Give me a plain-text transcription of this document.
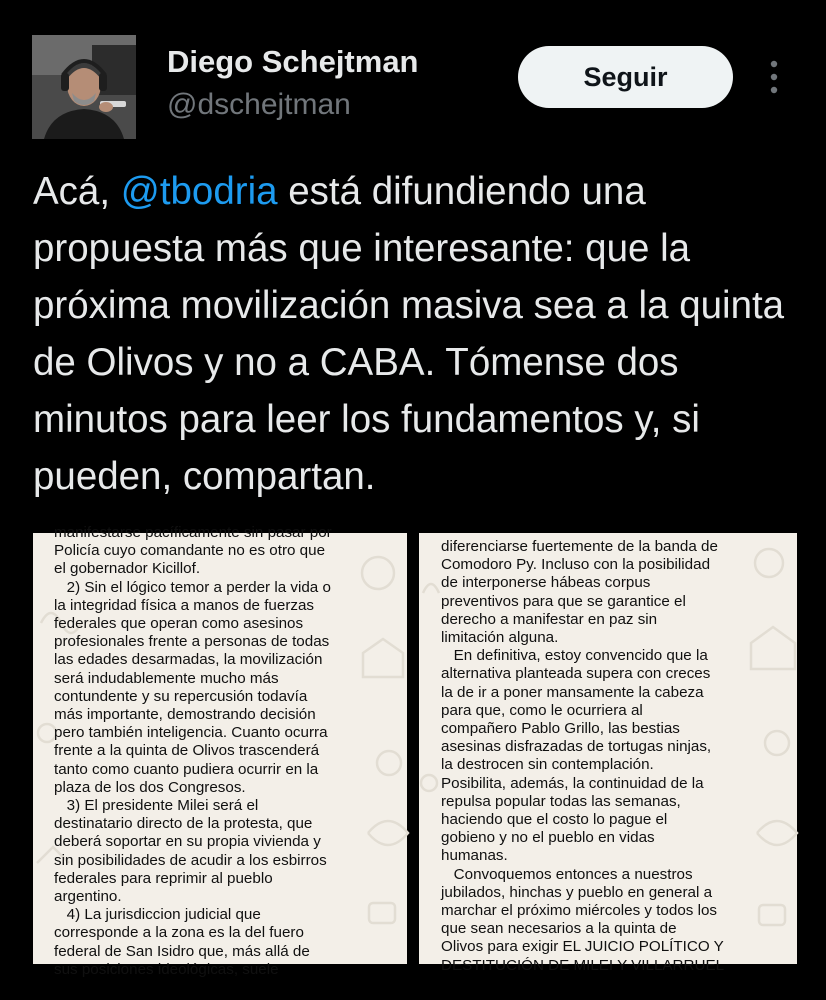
Diego Schejtman
@dschejtman
Seguir

Acá, @tbodria está difundiendo una propuesta más que interesante: que la próxima movilización masiva sea a la quinta de Olivos y no a CABA. Tómense dos minutos para leer los fundamentos y, si pueden, compartan.

manifestarse pacíficamente sin pasar por
Policía cuyo comandante no es otro que
el gobernador Kicillof.
2) Sin el lógico temor a perder la vida o
la integridad física a manos de fuerzas
federales que operan como asesinos
profesionales frente a personas de todas
las edades desarmadas, la movilización
será indudablemente mucho más
contundente y su repercusión todavía
más importante, demostrando decisión
pero también inteligencia. Cuanto ocurra
frente a la quinta de Olivos trascenderá
tanto como cuanto pudiera ocurrir en la
plaza de los dos Congresos.
3) El presidente Milei será el
destinatario directo de la protesta, que
deberá soportar en su propia vivienda y
sin posibilidades de acudir a los esbirros
federales para reprimir al pueblo
argentino.
4) La jurisdiccion judicial que
corresponde a la zona es la del fuero
federal de San Isidro que, más allá de
sus posiciones ideológicas, suele
diferenciarse fuertemente de la banda de
Comodoro Py. Incluso con la posibilidad
de interponerse hábeas corpus
preventivos para que se garantice el
derecho a manifestar en paz sin
limitación alguna.
En definitiva, estoy convencido que la
alternativa planteada supera con creces
la de ir a poner mansamente la cabeza
para que, como le ocurriera al
compañero Pablo Grillo, las bestias
asesinas disfrazadas de tortugas ninjas,
la destrocen sin contemplación.
Posibilita, además, la continuidad de la
repulsa popular todas las semanas,
haciendo que el costo lo pague el
gobieno y no el pueblo en vidas
humanas.
Convoquemos entonces a nuestros
jubilados, hinchas y pueblo en general a
marchar el próximo miércoles y todos los
que sean necesarios a la quinta de
Olivos para exigir EL JUICIO POLÍTICO Y
DESTITUCIÓN DE MILEI Y VILLARRUEL
